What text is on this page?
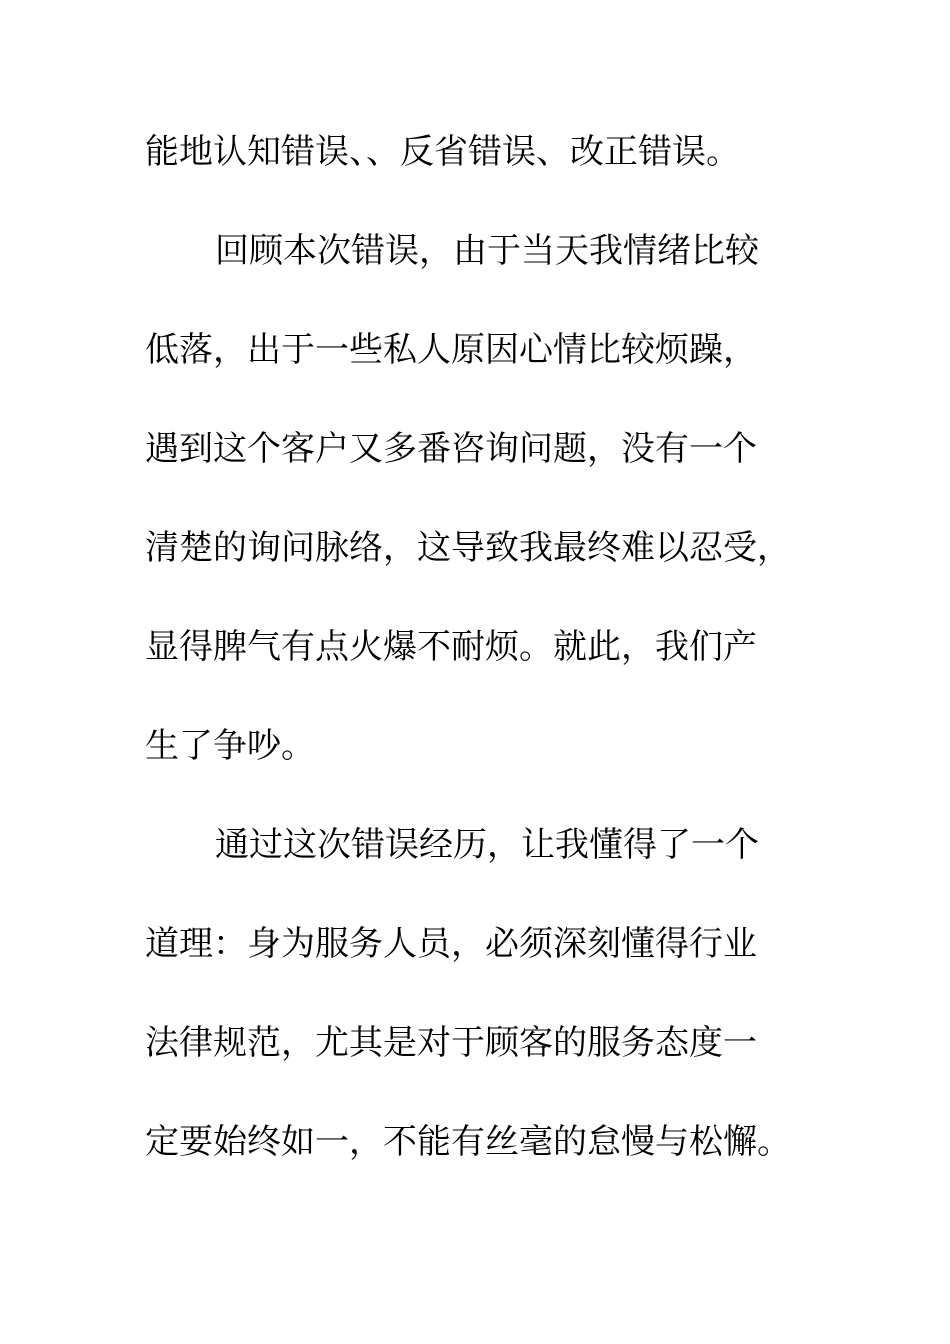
能地认知错误、、反省错误、改正错误。
回顾本次错误，由于当天我情绪比较
低落，出于一些私人原因心情比较烦躁，
遇到这个客户又多番咨询问题，没有一个
清楚的询问脉络，这导致我最终难以忍受，
显得脾气有点火爆不耐烦。就此，我们产
生了争吵。
通过这次错误经历，让我懂得了一个
道理：身为服务人员，必须深刻懂得行业
法律规范，尤其是对于顾客的服务态度一
定要始终如一，不能有丝毫的怠慢与松懈。
